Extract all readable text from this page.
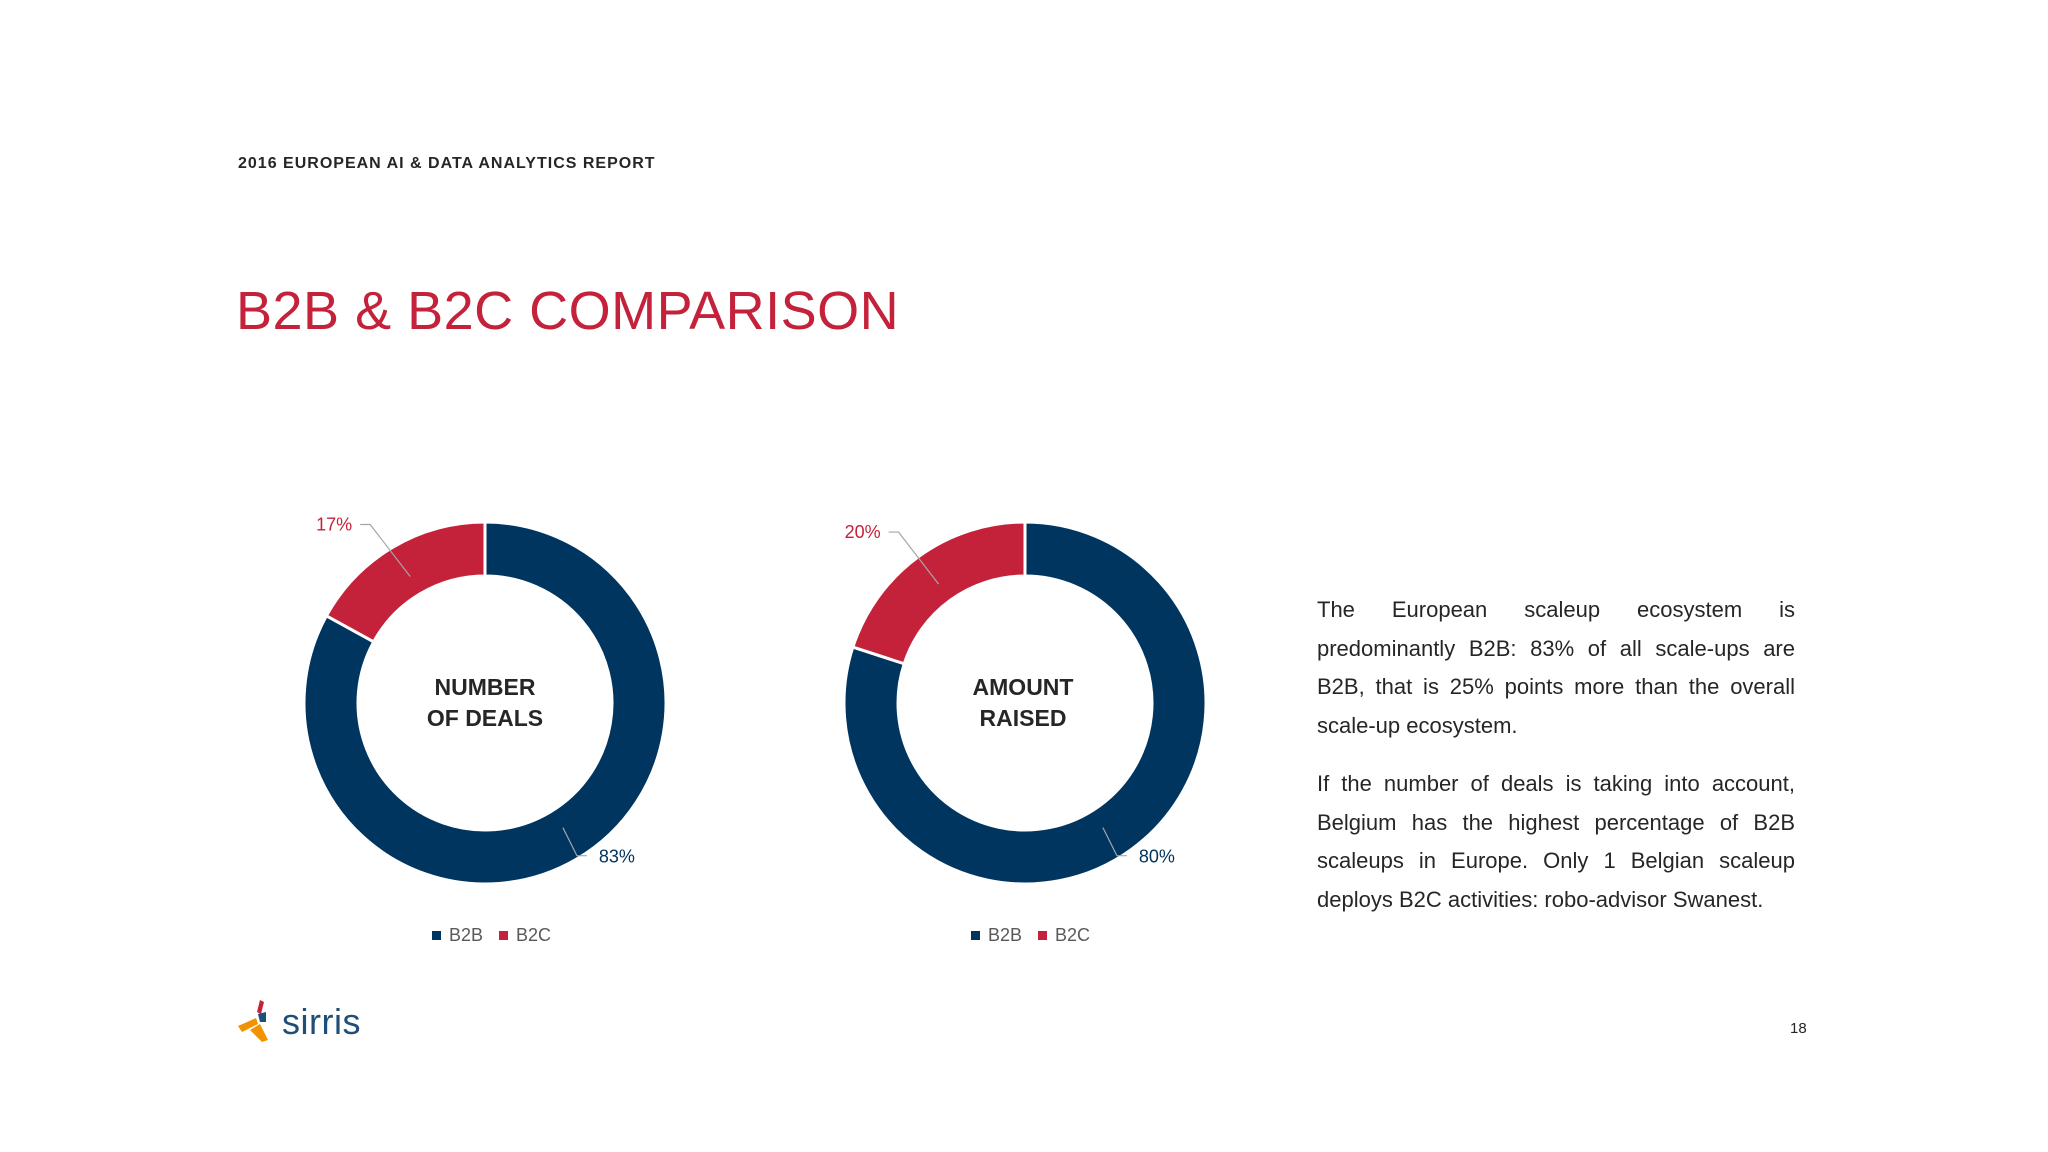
2016 EUROPEAN AI & DATA ANALYTICS REPORT
B2B & B2C COMPARISON
83%
17%
NUMBER
OF DEALS
B2B B2C
80%
20%
AMOUNT
RAISED
B2B B2C

The European scaleup ecosystem is predominantly B2B: 83% of all scale-ups are B2B, that is 25% points more than the overall scale-up ecosystem.

If the number of deals is taking into account, Belgium has the highest percentage of B2B scaleups in Europe. Only 1 Belgian scaleup deploys B2C activities: robo-advisor Swanest.

sirris	18
